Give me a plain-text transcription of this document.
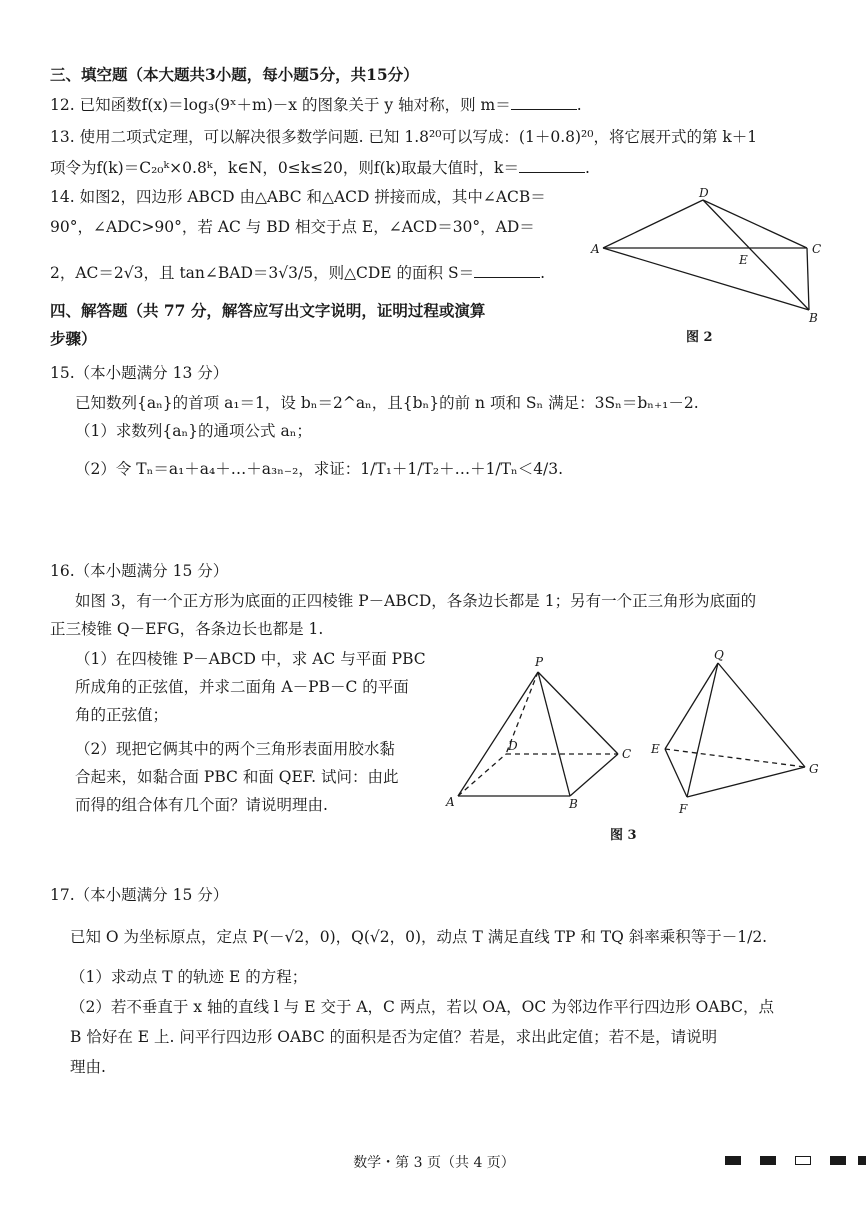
三、填空题（本大题共3小题，每小题5分，共15分）
12. 已知函数f(x)＝log₃(9ˣ＋m)－x 的图象关于 y 轴对称，则 m＝	.
13. 使用二项式定理，可以解决很多数学问题. 已知 1.8²⁰可以写成：(1＋0.8)²⁰，将它展开式的第 k＋1
项令为f(k)＝C₂₀ᵏ×0.8ᵏ，k∈N，0≤k≤20，则f(k)取最大值时，k＝	.
14. 如图2，四边形 ABCD 由△ABC 和△ACD 拼接而成，其中∠ACB＝
90°，∠ADC>90°，若 AC 与 BD 相交于点 E，∠ACD＝30°，AD＝
2，AC＝2√3，且 tan∠BAD＝3√3/5，则△CDE 的面积 S＝	.
四、解答题（共 77 分，解答应写出文字说明，证明过程或演算
步骤）
D
A	C
E
B
图 2
15.（本小题满分 13 分）
已知数列{aₙ}的首项 a₁＝1，设 bₙ＝2^aₙ，且{bₙ}的前 n 项和 Sₙ 满足：3Sₙ＝bₙ₊₁－2.
（1）求数列{aₙ}的通项公式 aₙ；
（2）令 Tₙ＝a₁＋a₄＋…＋a₃ₙ₋₂，求证：1/T₁＋1/T₂＋…＋1/Tₙ＜4/3.
16.（本小题满分 15 分）
如图 3，有一个正方形为底面的正四棱锥 P－ABCD，各条边长都是 1；另有一个正三角形为底面的
正三棱锥 Q－EFG，各条边长也都是 1.
（1）在四棱锥 P－ABCD 中，求 AC 与平面 PBC
所成角的正弦值，并求二面角 A－PB－C 的平面
角的正弦值；
（2）现把它俩其中的两个三角形表面用胶水黏
合起来，如黏合面 PBC 和面 QEF. 试问：由此
而得的组合体有几个面？请说明理由.
P
D
C
A	B
Q
E
G
F
图 3
17.（本小题满分 15 分）
已知 O 为坐标原点，定点 P(－√2，0)，Q(√2，0)，动点 T 满足直线 TP 和 TQ 斜率乘积等于－1/2.
（1）求动点 T 的轨迹 E 的方程；
（2）若不垂直于 x 轴的直线 l 与 E 交于 A，C 两点，若以 OA，OC 为邻边作平行四边形 OABC，点
B 恰好在 E 上. 问平行四边形 OABC 的面积是否为定值？若是，求出此定值；若不是，请说明
理由.
数学・第 3 页（共 4 页）
